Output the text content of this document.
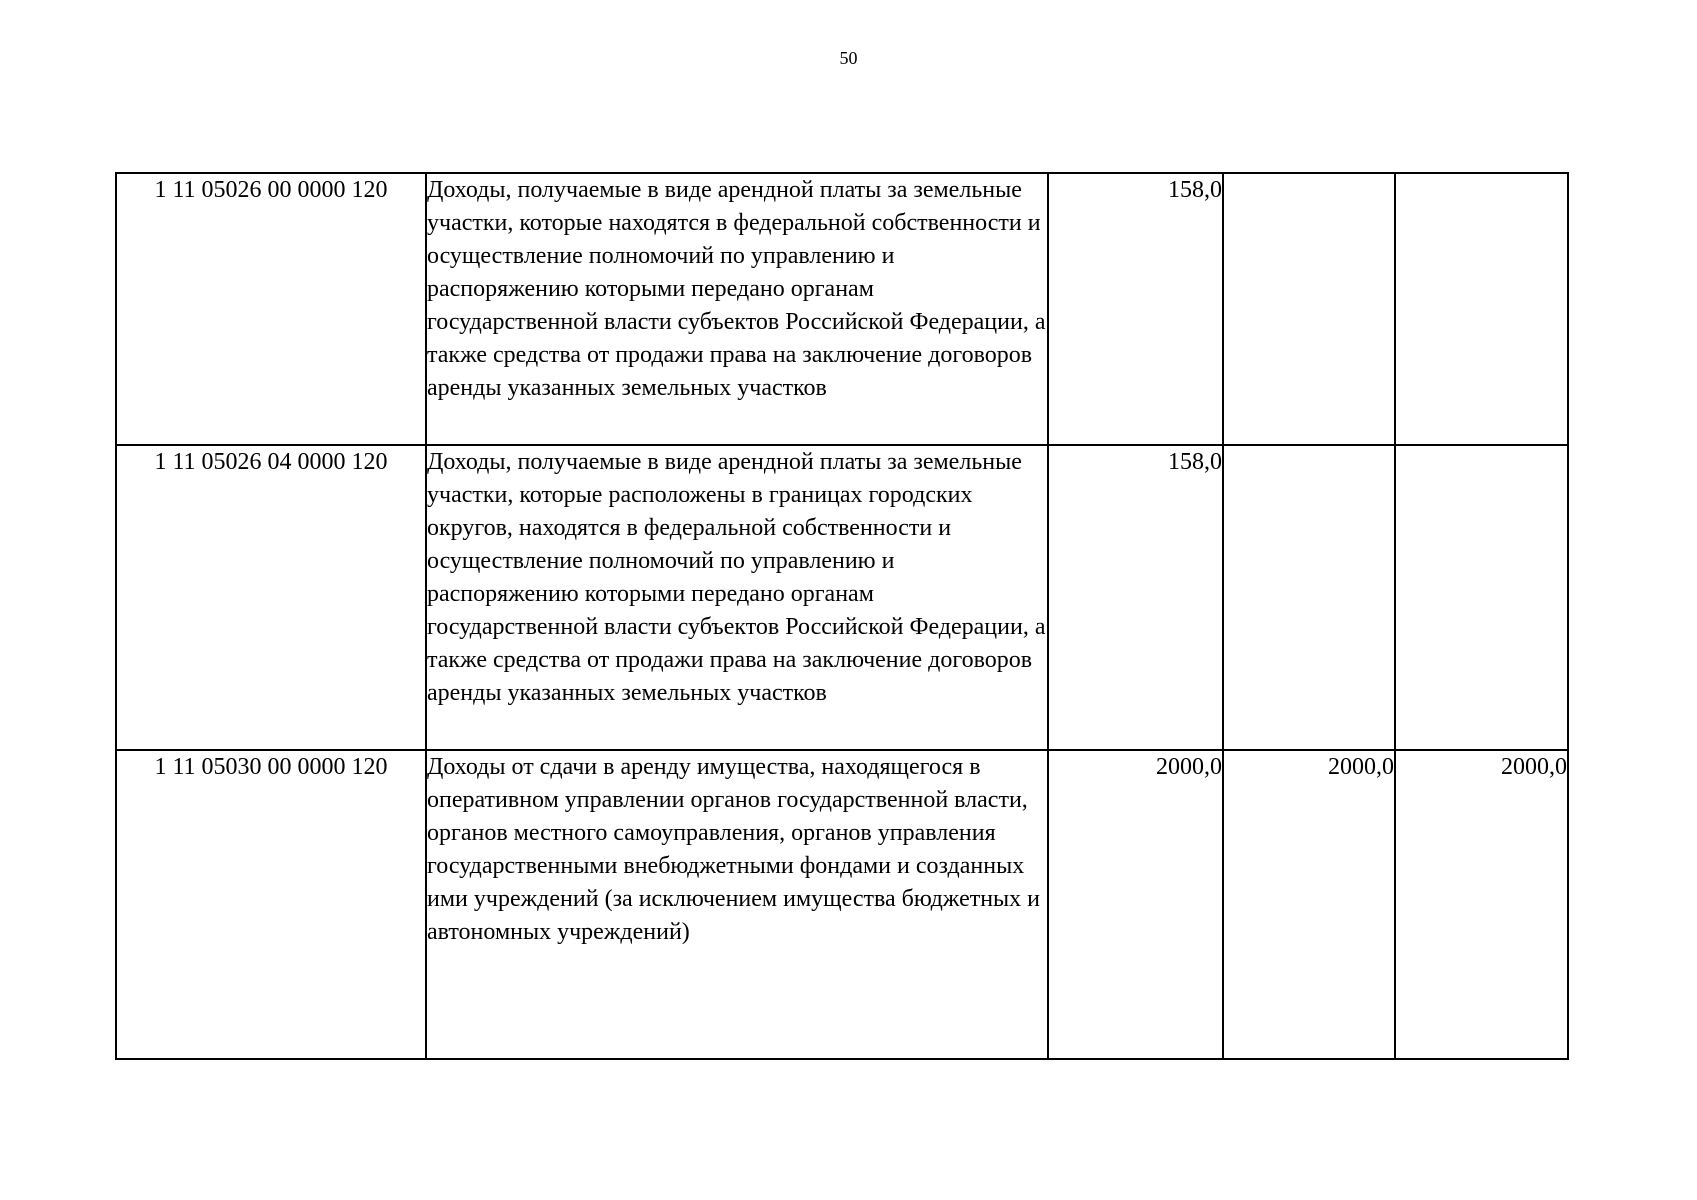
50
1 11 05026 00 0000 120	Доходы, получаемые в виде арендной платы за земельные участки, которые находятся в федеральной собственности и осуществление полномочий по управлению и распоряжению которыми передано органам государственной власти субъектов Российской Федерации, а также средства от продажи права на заключение договоров аренды указанных земельных участков	158,0		
1 11 05026 04 0000 120	Доходы, получаемые в виде арендной платы за земельные участки, которые расположены в границах городских округов, находятся в федеральной собственности и осуществление полномочий по управлению и распоряжению которыми передано органам государственной власти субъектов Российской Федерации, а также средства от продажи права на заключение договоров аренды указанных земельных участков	158,0		
1 11 05030 00 0000 120	Доходы от сдачи в аренду имущества, находящегося в оперативном управлении органов государственной власти, органов местного самоуправления, органов управления государственными внебюджетными фондами и созданных ими учреждений (за исключением имущества бюджетных и автономных учреждений)	2000,0	2000,0	2000,0
